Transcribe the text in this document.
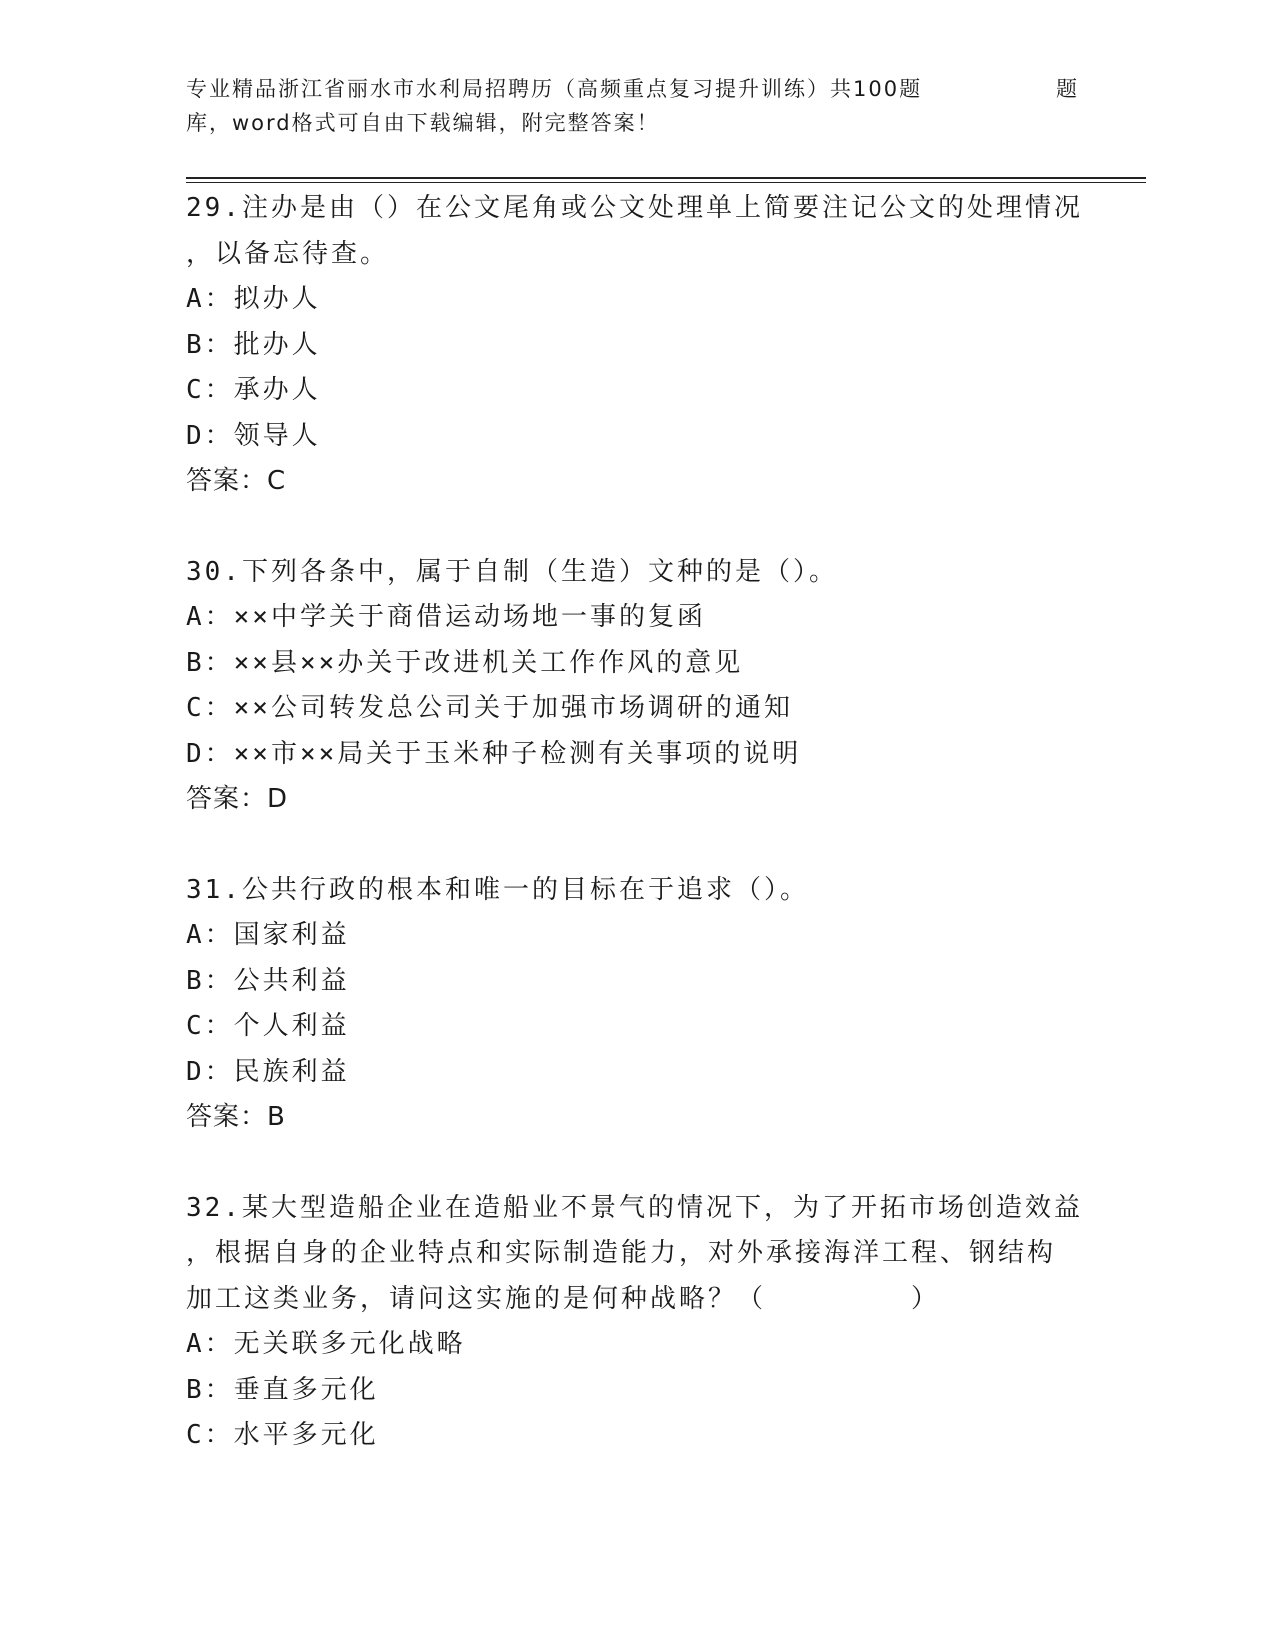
专业精品浙江省丽水市水利局招聘历（高频重点复习提升训练）共100题	题
库，word格式可自由下载编辑，附完整答案！
29.注办是由（）在公文尾角或公文处理单上简要注记公文的处理情况
，以备忘待查。
A：拟办人
B：批办人
C：承办人
D：领导人
答案：C
30.下列各条中，属于自制（生造）文种的是（）。
A：××中学关于商借运动场地一事的复函
B：××县××办关于改进机关工作作风的意见
C：××公司转发总公司关于加强市场调研的通知
D：××市××局关于玉米种子检测有关事项的说明
答案：D
31.公共行政的根本和唯一的目标在于追求（）。
A：国家利益
B：公共利益
C：个人利益
D：民族利益
答案：B
32.某大型造船企业在造船业不景气的情况下，为了开拓市场创造效益
，根据自身的企业特点和实际制造能力，对外承接海洋工程、钢结构
加工这类业务，请问这实施的是何种战略？（　　　　　）
A：无关联多元化战略
B：垂直多元化
C：水平多元化
